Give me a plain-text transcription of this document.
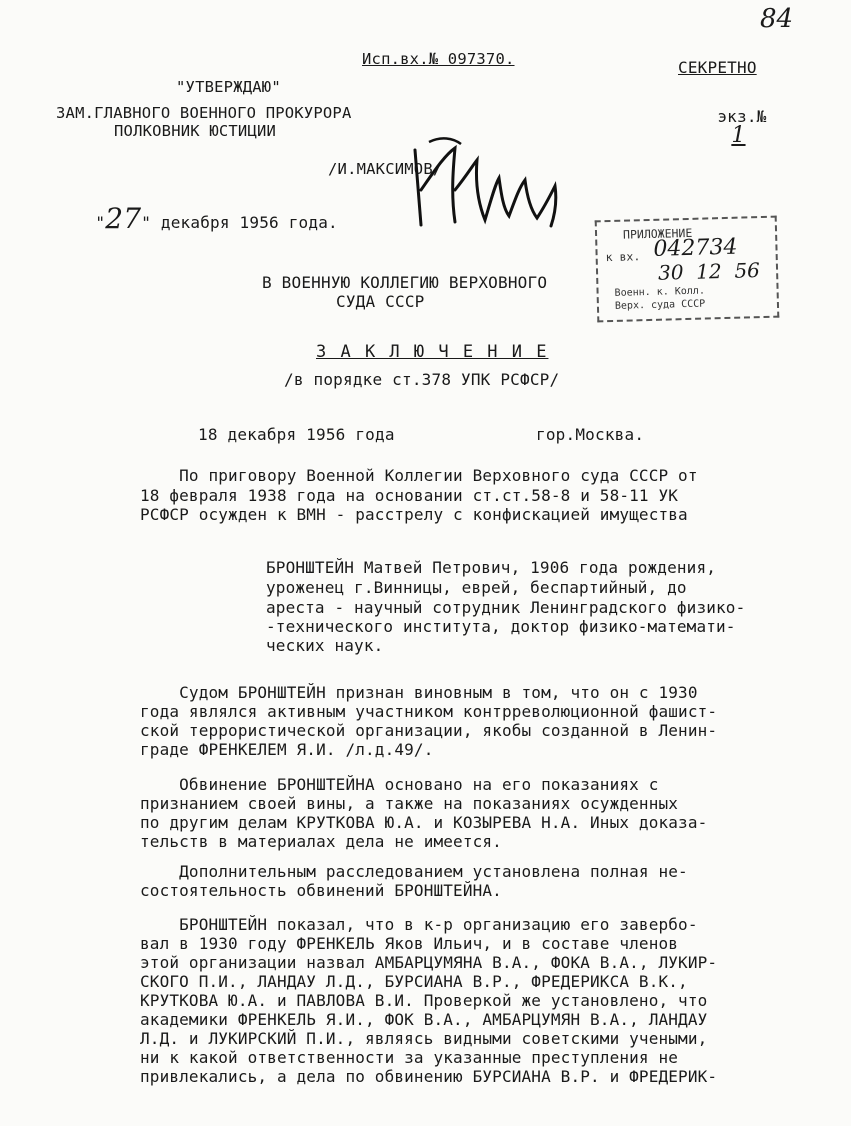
84
Исп.вх.№ 097370.	СЕКРЕТНО

экз.№
1

"УТВЕРЖДАЮ"
ЗАМ.ГЛАВНОГО ВОЕННОГО ПРОКУРОРА
ПОЛКОВНИК ЮСТИЦИИ
/И.МАКСИМОВ/

"27" декабря 1956 года.

ПРИЛОЖЕНИЕ
к вх. 042734
30  12  56
Военн. к. Колл.
Верх. суда СССР
В ВОЕННУЮ КОЛЛЕГИЮ ВЕРХОВНОГО
СУДА СССР
З А К Л Ю Ч Е Н И Е
/в порядке ст.378 УПК РСФСР/
18 декабря 1956 года	гор.Москва.
По приговору Военной Коллегии Верховного суда СССР от
18 февраля 1938 года на основании ст.ст.58-8 и 58-11 УК
РСФСР осужден к ВМН - расстрелу с конфискацией имущества
БРОНШТЕЙН Матвей Петрович, 1906 года рождения,
уроженец г.Винницы, еврей, беспартийный, до
ареста - научный сотрудник Ленинградского физико-
-технического института, доктор физико-математи-
ческих наук.
Судом БРОНШТЕЙН признан виновным в том, что он с 1930
года являлся активным участником контрреволюционной фашист-
ской террористической организации, якобы созданной в Ленин-
граде ФРЕНКЕЛЕМ Я.И. /л.д.49/.
Обвинение БРОНШТЕЙНА основано на его показаниях с
признанием своей вины, а также на показаниях осужденных
по другим делам КРУТКОВА Ю.А. и КОЗЫРЕВА Н.А. Иных доказа-
тельств в материалах дела не имеется.
Дополнительным расследованием установлена полная не-
состоятельность обвинений БРОНШТЕЙНА.
БРОНШТЕЙН показал, что в к-р организацию его завербо-
вал в 1930 году ФРЕНКЕЛЬ Яков Ильич, и в составе членов
этой организации назвал АМБАРЦУМЯНА В.А., ФОКА В.А., ЛУКИР-
СКОГО П.И., ЛАНДАУ Л.Д., БУРСИАНА В.Р., ФРЕДЕРИКСА В.К.,
КРУТКОВА Ю.А. и ПАВЛОВА В.И. Проверкой же установлено, что
академики ФРЕНКЕЛЬ Я.И., ФОК В.А., АМБАРЦУМЯН В.А., ЛАНДАУ
Л.Д. и ЛУКИРСКИЙ П.И., являясь видными советскими учеными,
ни к какой ответственности за указанные преступления не
привлекались, а дела по обвинению БУРСИАНА В.Р. и ФРЕДЕРИК-
